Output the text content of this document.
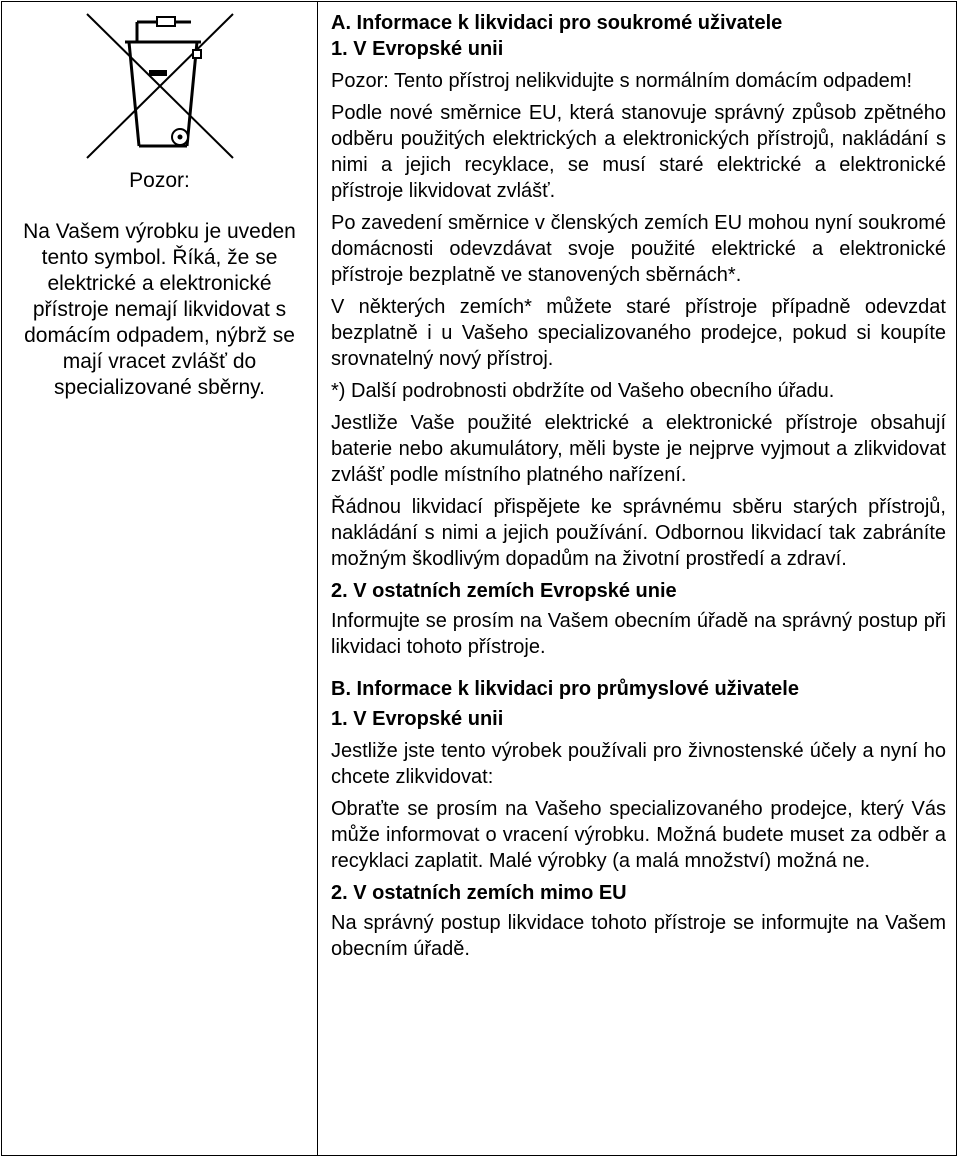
Pozor:
Na Vašem výrobku je uveden tento symbol. Říká, že se elektrické a elektronické přístroje nemají likvidovat s domácím odpadem, nýbrž se mají vracet zvlášť do specializované sběrny.
A. Informace k likvidaci pro soukromé uživatele
1. V Evropské unii

Pozor: Tento přístroj nelikvidujte s normálním domácím odpadem!

Podle nové směrnice EU, která stanovuje správný způsob zpětného odběru použitých elektrických a elektronických přístrojů, nakládání s nimi a jejich recyklace, se musí staré elektrické a elektronické přístroje likvidovat zvlášť.

Po zavedení směrnice v členských zemích EU mohou nyní soukromé domácnosti odevzdávat svoje použité elektrické a elektronické přístroje bezplatně ve stanovených sběrnách*.

V některých zemích* můžete staré přístroje případně odevzdat bezplatně i u Vašeho specializovaného prodejce, pokud si koupíte srovnatelný nový přístroj.

*) Další podrobnosti obdržíte od Vašeho obecního úřadu.

Jestliže Vaše použité elektrické a elektronické přístroje obsahují baterie nebo akumulátory, měli byste je nejprve vyjmout a zlikvidovat zvlášť podle místního platného nařízení.

Řádnou likvidací přispějete ke správnému sběru starých přístrojů, nakládání s nimi a jejich používání. Odbornou likvidací tak zabráníte možným škodlivým dopadům na životní prostředí a zdraví.

2. V ostatních zemích Evropské unie

Informujte se prosím na Vašem obecním úřadě na správný postup při likvidaci tohoto přístroje.

B. Informace k likvidaci pro průmyslové uživatele
1. V Evropské unii

Jestliže jste tento výrobek používali pro živnostenské účely a nyní ho chcete zlikvidovat:

Obraťte se prosím na Vašeho specializovaného prodejce, který Vás může informovat o vracení výrobku. Možná budete muset za odběr a recyklaci zaplatit. Malé výrobky (a malá množství) možná ne.

2. V ostatních zemích mimo EU

Na správný postup likvidace tohoto přístroje se informujte na Vašem obecním úřadě.
